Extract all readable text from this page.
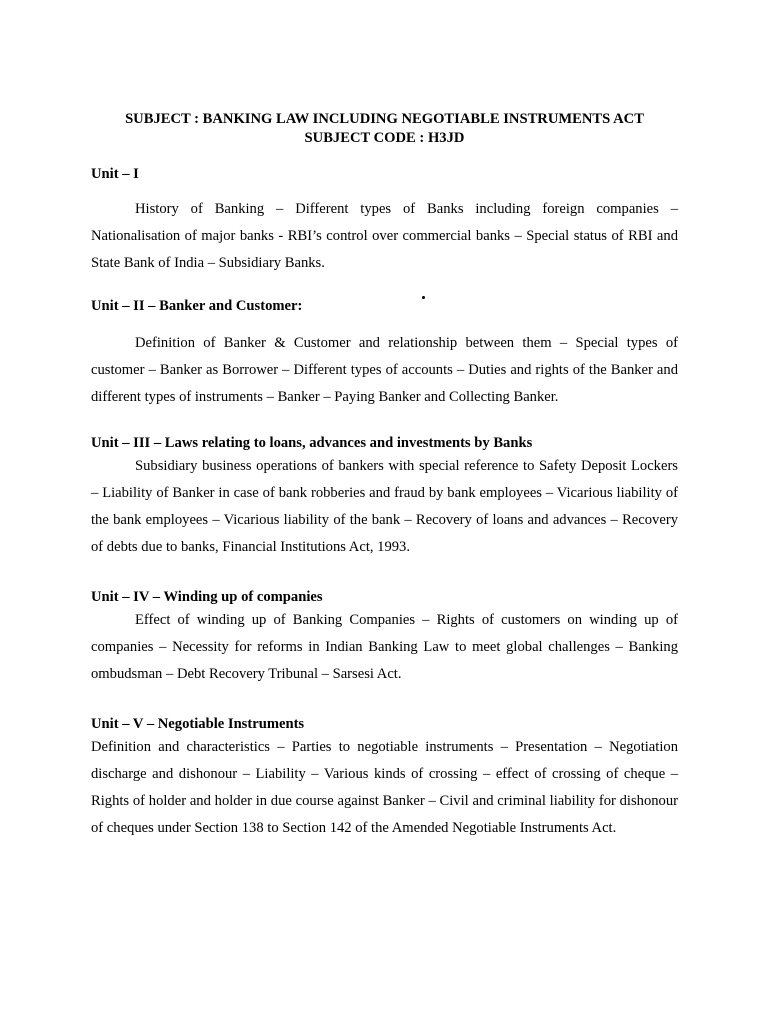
SUBJECT : BANKING LAW INCLUDING NEGOTIABLE INSTRUMENTS ACT

SUBJECT CODE : H3JD

Unit – I

History of Banking – Different types of Banks including foreign companies – Nationalisation of major banks - RBI’s control over commercial banks – Special status of RBI and State Bank of India – Subsidiary Banks.

Unit – II – Banker and Customer:

Definition of Banker & Customer and relationship between them – Special types of customer – Banker as Borrower – Different types of accounts – Duties and rights of the Banker and different types of instruments – Banker – Paying Banker and Collecting Banker.

Unit – III – Laws relating to loans, advances and investments by Banks

Subsidiary business operations of bankers with special reference to Safety Deposit Lockers – Liability of Banker in case of bank robberies and fraud by bank employees – Vicarious liability of the bank employees – Vicarious liability of the bank – Recovery of loans and advances – Recovery of debts due to banks, Financial Institutions Act, 1993.

Unit – IV – Winding up of companies

Effect of winding up of Banking Companies – Rights of customers on winding up of companies – Necessity for reforms in Indian Banking Law to meet global challenges – Banking ombudsman – Debt Recovery Tribunal – Sarsesi Act.

Unit – V – Negotiable Instruments

Definition and characteristics – Parties to negotiable instruments – Presentation – Negotiation discharge and dishonour – Liability – Various kinds of crossing – effect of crossing of cheque – Rights of holder and holder in due course against Banker – Civil and criminal liability for dishonour of cheques under Section 138 to Section 142 of the Amended Negotiable Instruments Act.
